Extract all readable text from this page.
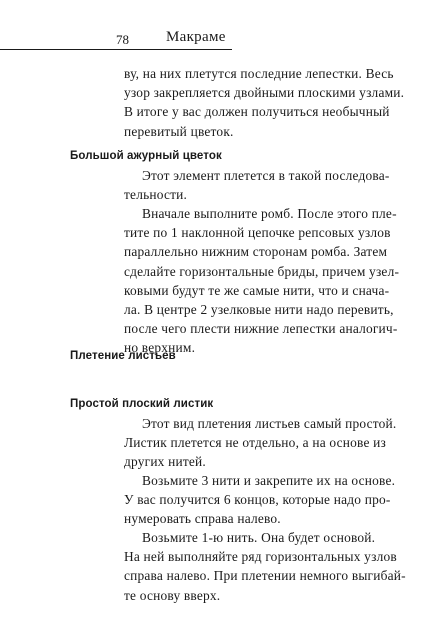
78 Макраме
ву, на них плетутся последние лепестки. Весь
узор закрепляется двойными плоскими узлами.
В итоге у вас должен получиться необычный
перевитый цветок.
Большой ажурный цветок
Этот элемент плетется в такой последова-
тельности.
Вначале выполните ромб. После этого пле-
тите по 1 наклонной цепочке репсовых узлов
параллельно нижним сторонам ромба. Затем
сделайте горизонтальные бриды, причем узел-
ковыми будут те же самые нити, что и сначa-
ла. В центре 2 узелковые нити надо перевить,
после чего плести нижние лепестки аналогич-
но верхним.
Плетение листьев
Простой плоский листик
Этот вид плетения листьев самый простой.
Листик плетется не отдельно, а на основе из
других нитей.
Возьмите 3 нити и закрепите их на основе.
У вас получится 6 концов, которые надо про-
нумеровать справа налево.
Возьмите 1-ю нить. Она будет основой.
На ней выполняйте ряд горизонтальных узлов
справа налево. При плетении немного выгибай-
те основу вверх.
